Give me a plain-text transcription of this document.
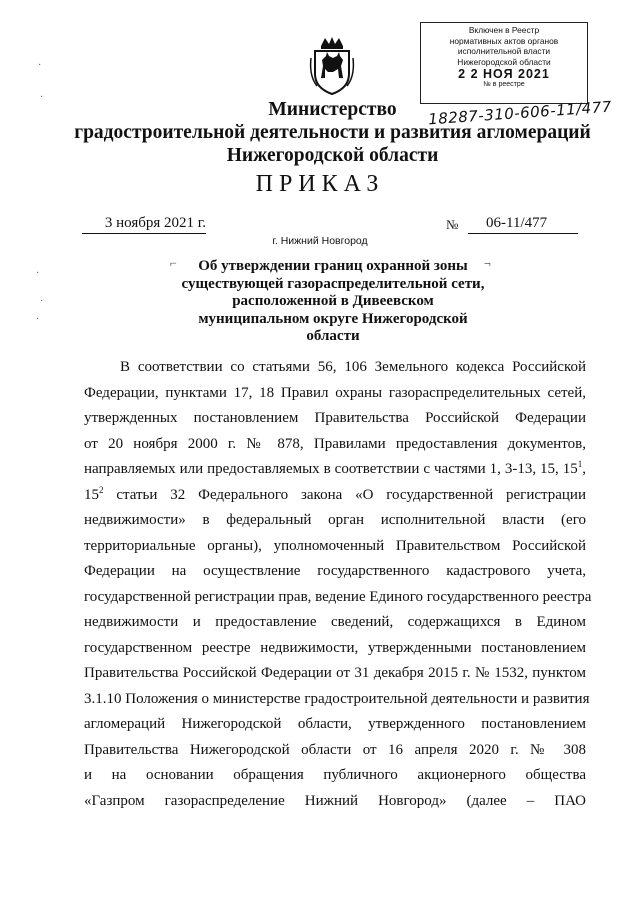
Включен в Реестр
нормативных актов органов
исполнительной власти
Нижегородской области
2 2 НОЯ 2021
№ в реестре
18287-310-606-11/477
Министерство
градостроительной деятельности и развития агломераций
Нижегородской области
ПРИКАЗ
3 ноября 2021 г.	№	06-11/477
г. Нижний Новгород
⌐	¬
Об утверждении границ охранной зоны
существующей газораспределительной сети,
расположенной в Дивеевском
муниципальном округе Нижегородской
области
·
·
·
·
·
В соответствии со статьями 56, 106 Земельного кодекса Российской
Федерации, пунктами 17, 18 Правил охраны газораспределительных сетей,
утвержденных постановлением Правительства Российской Федерации
от 20 ноября 2000 г. № 878, Правилами предоставления документов,
направляемых или предоставляемых в соответствии с частями 1, 3-13, 15, $15^1$,
$15^2$ статьи 32 Федерального закона «О государственной регистрации
недвижимости» в федеральный орган исполнительной власти (его
территориальные органы), уполномоченный Правительством Российской
Федерации на осуществление государственного кадастрового учета,
государственной регистрации прав, ведение Единого государственного реестра
недвижимости и предоставление сведений, содержащихся в Едином
государственном реестре недвижимости, утвержденными постановлением
Правительства Российской Федерации от 31 декабря 2015 г. № 1532, пунктом
3.1.10 Положения о министерстве градостроительной деятельности и развития
агломераций Нижегородской области, утвержденного постановлением
Правительства Нижегородской области от 16 апреля 2020 г. № 308
и на основании обращения публичного акционерного общества
«Газпром газораспределение Нижний Новгород» (далее – ПАО
